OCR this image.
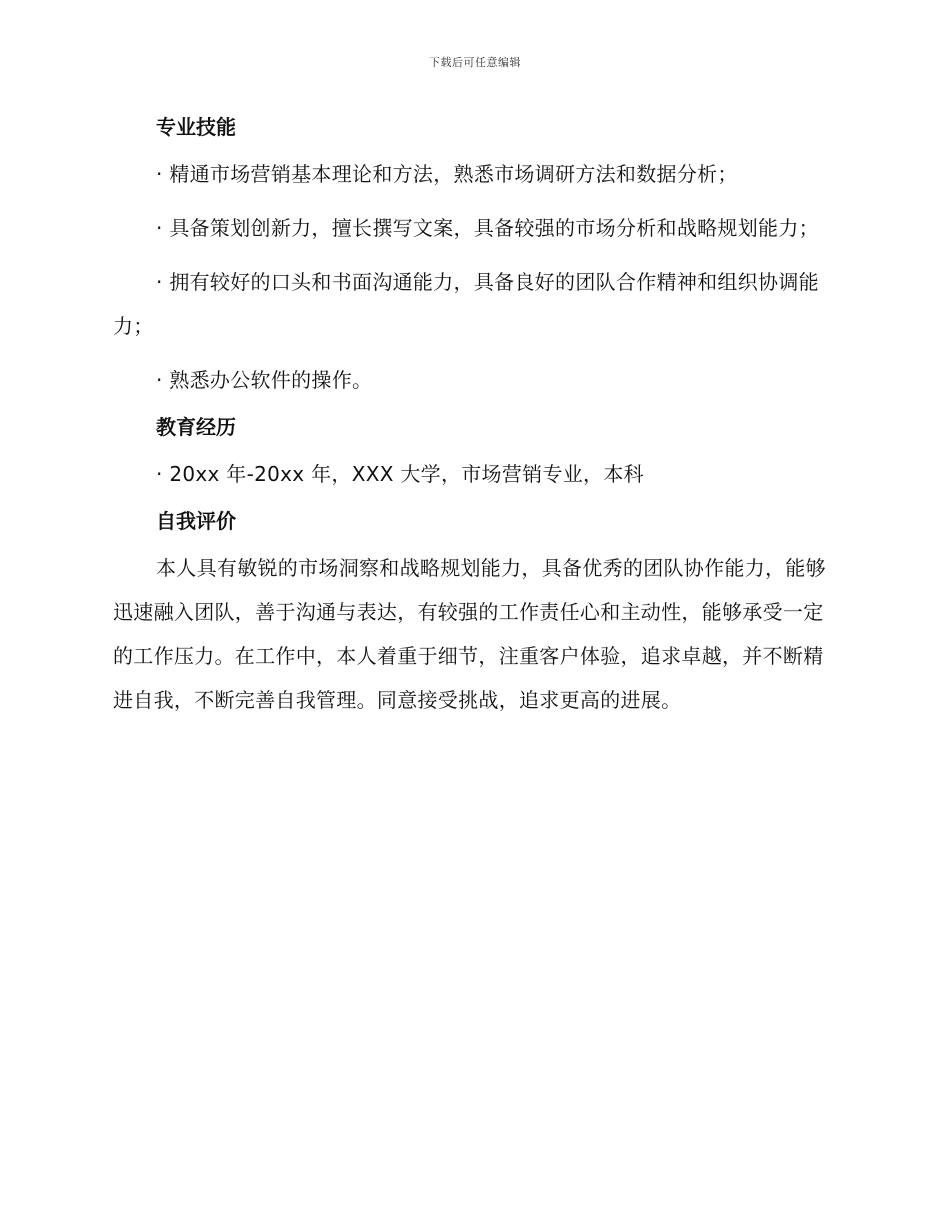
下载后可任意编辑
专业技能

· 精通市场营销基本理论和方法，熟悉市场调研方法和数据分析；

· 具备策划创新力，擅长撰写文案，具备较强的市场分析和战略规划能力；

· 拥有较好的口头和书面沟通能力，具备良好的团队合作精神和组织协调能力；

· 熟悉办公软件的操作。

教育经历

· 20xx 年-20xx 年，XXX 大学，市场营销专业，本科

自我评价

本人具有敏锐的市场洞察和战略规划能力，具备优秀的团队协作能力，能够迅速融入团队，善于沟通与表达，有较强的工作责任心和主动性，能够承受一定的工作压力。在工作中，本人着重于细节，注重客户体验，追求卓越，并不断精进自我，不断完善自我管理。同意接受挑战，追求更高的进展。
